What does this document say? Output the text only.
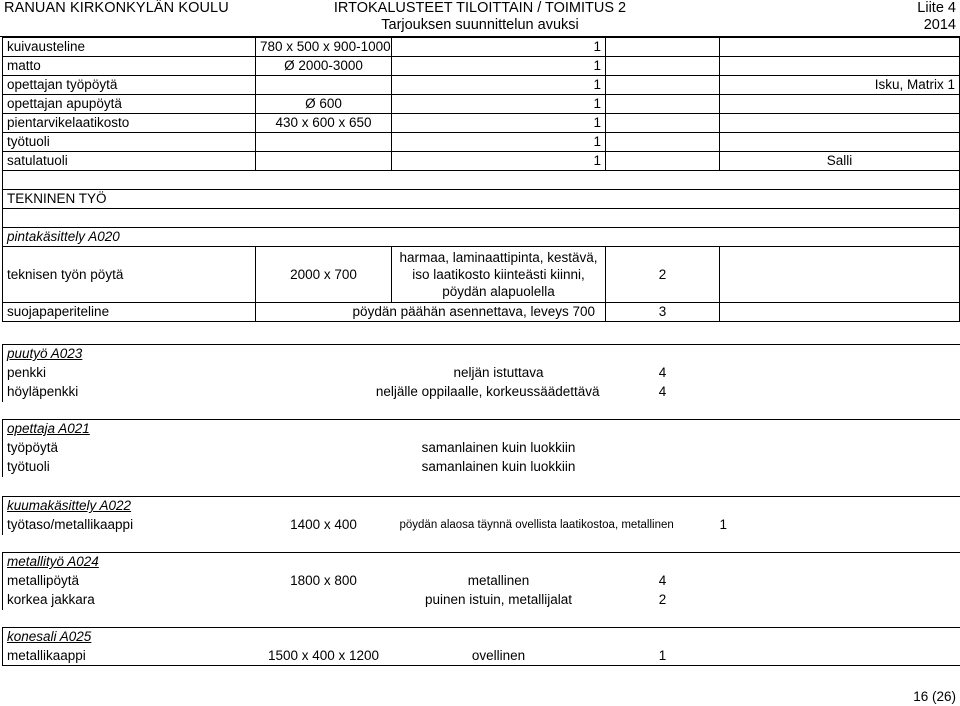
RANUAN KIRKONKYLÄN KOULU	IRTOKALUSTEET TILOITTAIN / TOIMITUS 2
Tarjouksen suunnittelun avuksi
Liite 4
2014
kuivausteline	780 x 500 x 900-1000	1		
matto	Ø 2000-3000	1		
opettajan työpöytä		1		Isku, Matrix 1
opettajan apupöytä	Ø 600	1		
pientarvikelaatikosto	430 x 600 x 650	1		
työtuoli		1		
satulatuoli		1		Salli

TEKNINEN TYÖ				

pintakäsittely A020				
teknisen työn pöytä	2000 x 700	harmaa, laminaattipinta, kestävä, iso laatikosto kiinteästi kiinni, pöydän alapuolella	2	
suojapaperiteline	pöydän päähän asennettava, leveys 700		3	
puutyö A023				
penkki		neljän istuttava	4	
höyläpenkki	neljälle oppilaalle, korkeussäädettävä		4	
opettaja A021				
työpöytä		samanlainen kuin luokkiin		
työtuoli		samanlainen kuin luokkiin		
kuumakäsittely A022
työtaso/metallikaappi	1400 x 400	pöydän alaosa täynnä ovellista laatikostoa, metallinen	1
metallityö A024				
metallipöytä	1800 x 800	metallinen	4	
korkea jakkara		puinen istuin, metallijalat	2	
konesali A025
metallikaappi	1500 x 400 x 1200	ovellinen	1	
16 (26)
